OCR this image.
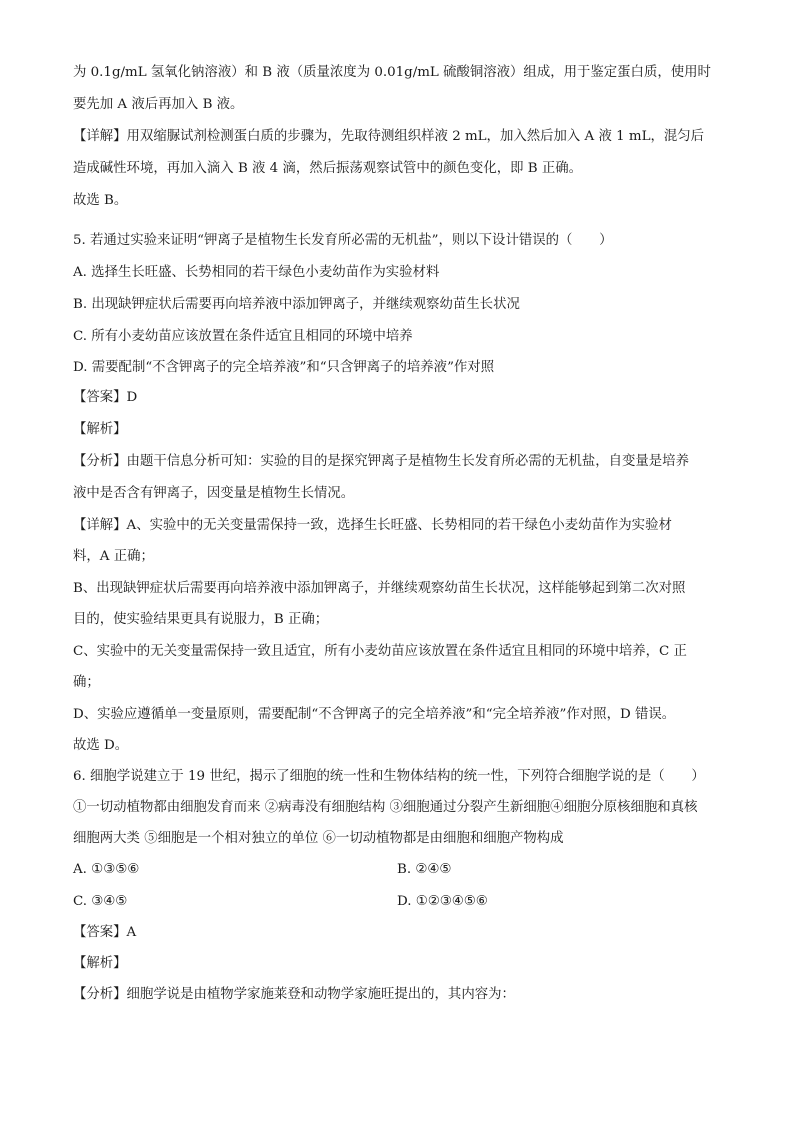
为 0.1g/mL 氢氧化钠溶液）和 B 液（质量浓度为 0.01g/mL 硫酸铜溶液）组成，用于鉴定蛋白质，使用时

要先加 A 液后再加入 B 液。

【详解】用双缩脲试剂检测蛋白质的步骤为，先取待测组织样液 2 mL，加入然后加入 A 液 1 mL，混匀后

造成碱性环境，再加入滴入 B 液 4 滴，然后振荡观察试管中的颜色变化，即 B 正确。

故选 B。

5. 若通过实验来证明“钾离子是植物生长发育所必需的无机盐”，则以下设计错误的（　　）

A. 选择生长旺盛、长势相同的若干绿色小麦幼苗作为实验材料

B. 出现缺钾症状后需要再向培养液中添加钾离子，并继续观察幼苗生长状况

C. 所有小麦幼苗应该放置在条件适宜且相同的环境中培养

D. 需要配制“不含钾离子的完全培养液”和“只含钾离子的培养液”作对照

【答案】D

【解析】

【分析】由题干信息分析可知：实验的目的是探究钾离子是植物生长发育所必需的无机盐，自变量是培养

液中是否含有钾离子，因变量是植物生长情况。

【详解】A、实验中的无关变量需保持一致，选择生长旺盛、长势相同的若干绿色小麦幼苗作为实验材

料，A 正确；

B、出现缺钾症状后需要再向培养液中添加钾离子，并继续观察幼苗生长状况，这样能够起到第二次对照

目的，使实验结果更具有说服力，B 正确；

C、实验中的无关变量需保持一致且适宜，所有小麦幼苗应该放置在条件适宜且相同的环境中培养，C 正

确；

D、实验应遵循单一变量原则，需要配制“不含钾离子的完全培养液”和“完全培养液”作对照，D 错误。

故选 D。

6. 细胞学说建立于 19 世纪，揭示了细胞的统一性和生物体结构的统一性，下列符合细胞学说的是（　　）

①一切动植物都由细胞发育而来 ②病毒没有细胞结构 ③细胞通过分裂产生新细胞④细胞分原核细胞和真核

细胞两大类 ⑤细胞是一个相对独立的单位 ⑥一切动植物都是由细胞和细胞产物构成

A. ①③⑤⑥	B. ②④⑤

C. ③④⑤	D. ①②③④⑤⑥

【答案】A

【解析】

【分析】细胞学说是由植物学家施莱登和动物学家施旺提出的，其内容为：
